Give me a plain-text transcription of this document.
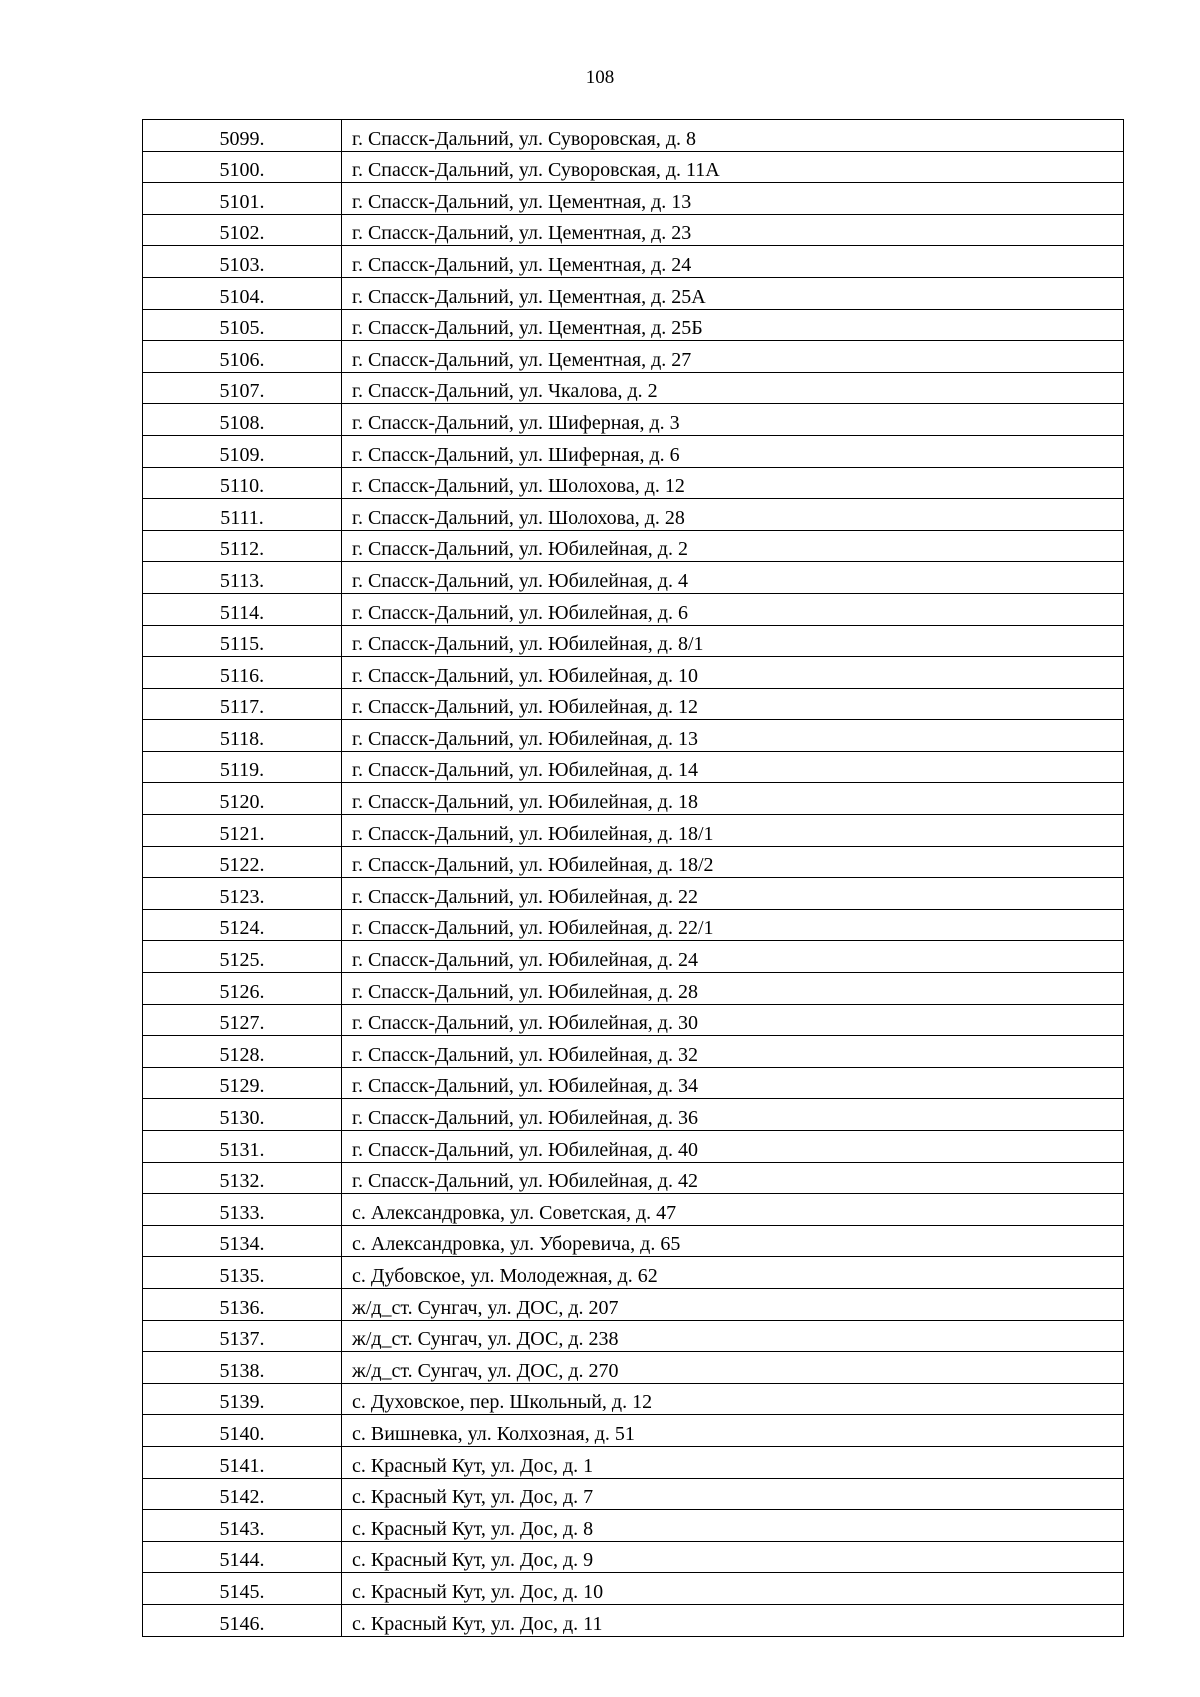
108
5099.	г. Спасск-Дальний, ул. Суворовская, д. 8
5100.	г. Спасск-Дальний, ул. Суворовская, д. 11А
5101.	г. Спасск-Дальний, ул. Цементная, д. 13
5102.	г. Спасск-Дальний, ул. Цементная, д. 23
5103.	г. Спасск-Дальний, ул. Цементная, д. 24
5104.	г. Спасск-Дальний, ул. Цементная, д. 25А
5105.	г. Спасск-Дальний, ул. Цементная, д. 25Б
5106.	г. Спасск-Дальний, ул. Цементная, д. 27
5107.	г. Спасск-Дальний, ул. Чкалова, д. 2
5108.	г. Спасск-Дальний, ул. Шиферная, д. 3
5109.	г. Спасск-Дальний, ул. Шиферная, д. 6
5110.	г. Спасск-Дальний, ул. Шолохова, д. 12
5111.	г. Спасск-Дальний, ул. Шолохова, д. 28
5112.	г. Спасск-Дальний, ул. Юбилейная, д. 2
5113.	г. Спасск-Дальний, ул. Юбилейная, д. 4
5114.	г. Спасск-Дальний, ул. Юбилейная, д. 6
5115.	г. Спасск-Дальний, ул. Юбилейная, д. 8/1
5116.	г. Спасск-Дальний, ул. Юбилейная, д. 10
5117.	г. Спасск-Дальний, ул. Юбилейная, д. 12
5118.	г. Спасск-Дальний, ул. Юбилейная, д. 13
5119.	г. Спасск-Дальний, ул. Юбилейная, д. 14
5120.	г. Спасск-Дальний, ул. Юбилейная, д. 18
5121.	г. Спасск-Дальний, ул. Юбилейная, д. 18/1
5122.	г. Спасск-Дальний, ул. Юбилейная, д. 18/2
5123.	г. Спасск-Дальний, ул. Юбилейная, д. 22
5124.	г. Спасск-Дальний, ул. Юбилейная, д. 22/1
5125.	г. Спасск-Дальний, ул. Юбилейная, д. 24
5126.	г. Спасск-Дальний, ул. Юбилейная, д. 28
5127.	г. Спасск-Дальний, ул. Юбилейная, д. 30
5128.	г. Спасск-Дальний, ул. Юбилейная, д. 32
5129.	г. Спасск-Дальний, ул. Юбилейная, д. 34
5130.	г. Спасск-Дальний, ул. Юбилейная, д. 36
5131.	г. Спасск-Дальний, ул. Юбилейная, д. 40
5132.	г. Спасск-Дальний, ул. Юбилейная, д. 42
5133.	с. Александровка, ул. Советская, д. 47
5134.	с. Александровка, ул. Уборевича, д. 65
5135.	с. Дубовское, ул. Молодежная, д. 62
5136.	ж/д_ст. Сунгач, ул. ДОС, д. 207
5137.	ж/д_ст. Сунгач, ул. ДОС, д. 238
5138.	ж/д_ст. Сунгач, ул. ДОС, д. 270
5139.	с. Духовское, пер. Школьный, д. 12
5140.	с. Вишневка, ул. Колхозная, д. 51
5141.	с. Красный Кут, ул. Дос, д. 1
5142.	с. Красный Кут, ул. Дос, д. 7
5143.	с. Красный Кут, ул. Дос, д. 8
5144.	с. Красный Кут, ул. Дос, д. 9
5145.	с. Красный Кут, ул. Дос, д. 10
5146.	с. Красный Кут, ул. Дос, д. 11
